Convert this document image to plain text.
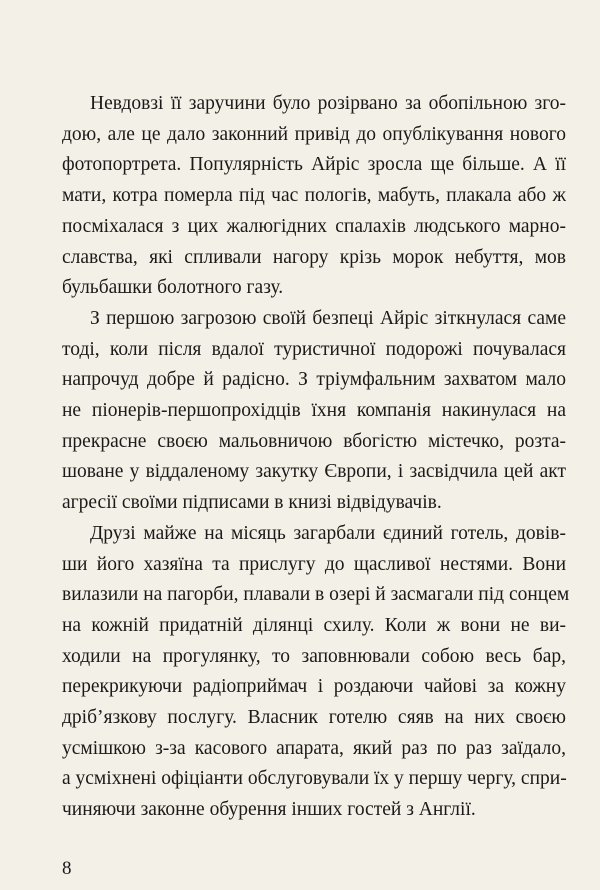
Невдовзі її заручини було розірвано за обопільною зго-
дою, але це дало законний привід до опублікування нового
фотопортрета. Популярність Айріс зросла ще більше. А її
мати, котра померла під час пологів, мабуть, плакала або ж
посміхалася з цих жалюгідних спалахів людського марно-
славства, які спливали нагору крізь морок небуття, мов
бульбашки болотного газу.
З першою загрозою своїй безпеці Айріс зіткнулася саме
тоді, коли після вдалої туристичної подорожі почувалася
напрочуд добре й радісно. З тріумфальним захватом мало
не піонерів-першопрохідців їхня компанія накинулася на
прекрасне своєю мальовничою вбогістю містечко, розта-
шоване у віддаленому закутку Європи, і засвідчила цей акт
агресії своїми підписами в книзі відвідувачів.
Друзі майже на місяць загарбали єдиний готель, довів-
ши його хазяїна та прислугу до щасливої нестями. Вони
вилазили на пагорби, плавали в озері й засмагали під сонцем
на кожній придатній ділянці схилу. Коли ж вони не ви-
ходили на прогулянку, то заповнювали собою весь бар,
перекрикуючи радіоприймач і роздаючи чайові за кожну
дріб’язкову послугу. Власник готелю сяяв на них своєю
усмішкою з-за касового апарата, який раз по раз заїдало,
а усміхнені офіціанти обслуговували їх у першу чергу, спри-
чиняючи законне обурення інших гостей з Англії.
8
